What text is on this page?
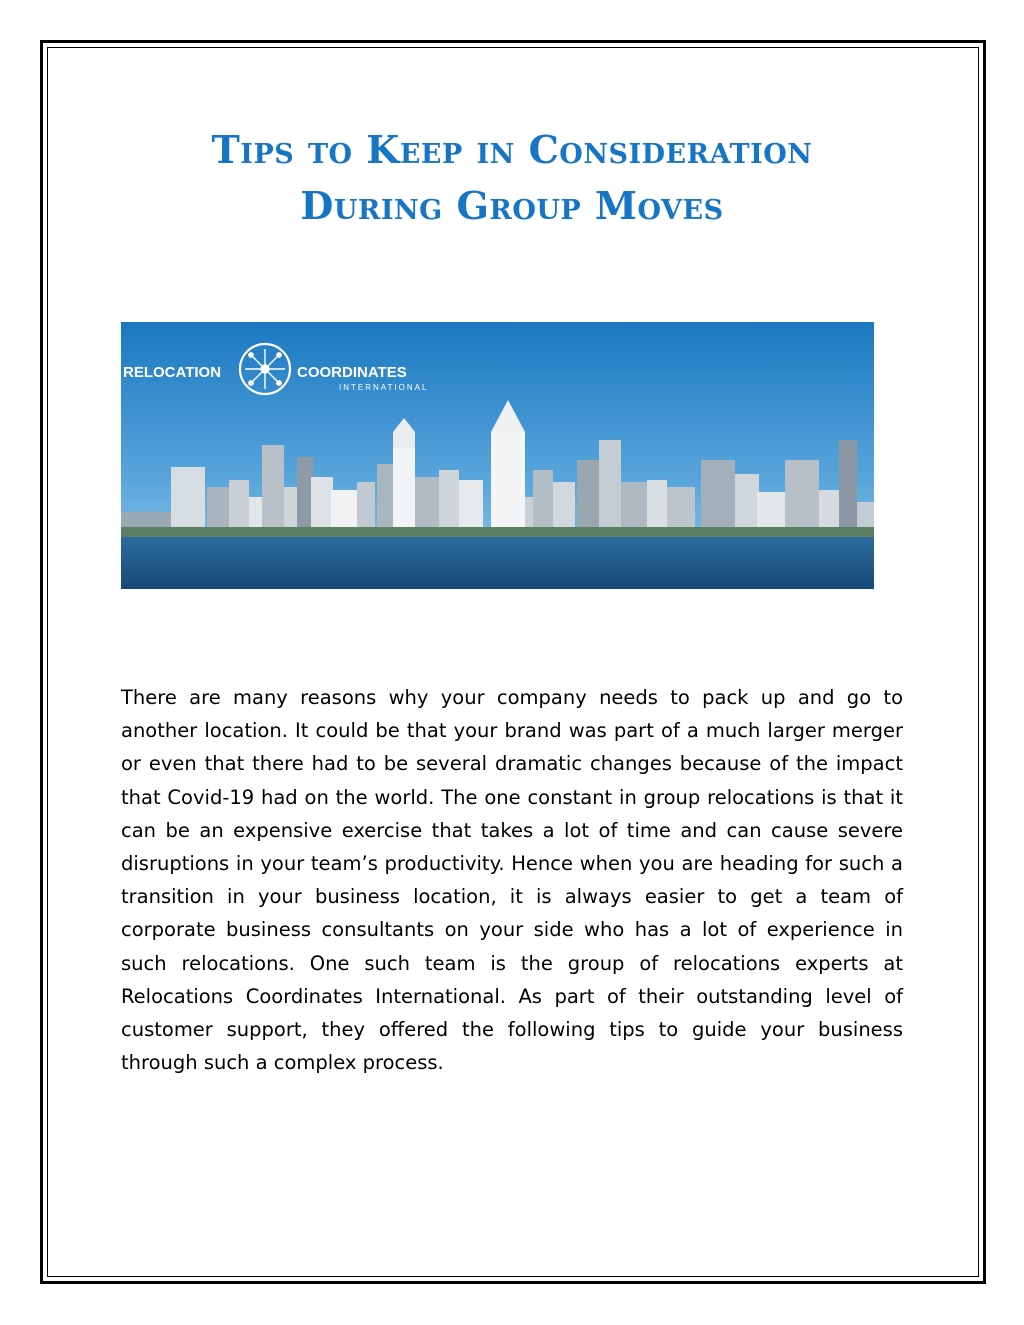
Tips to Keep in Consideration
During Group Moves
RELOCATION	COORDINATES
INTERNATIONAL

There are many reasons why your company needs to pack up and go to another location. It could be that your brand was part of a much larger merger or even that there had to be several dramatic changes because of the impact that Covid-19 had on the world. The one constant in group relocations is that it can be an expensive exercise that takes a lot of time and can cause severe disruptions in your team’s productivity. Hence when you are heading for such a transition in your business location, it is always easier to get a team of corporate business consultants on your side who has a lot of experience in such relocations. One such team is the group of relocations experts at Relocations Coordinates International. As part of their outstanding level of customer support, they offered the following tips to guide your business through such a complex process.
